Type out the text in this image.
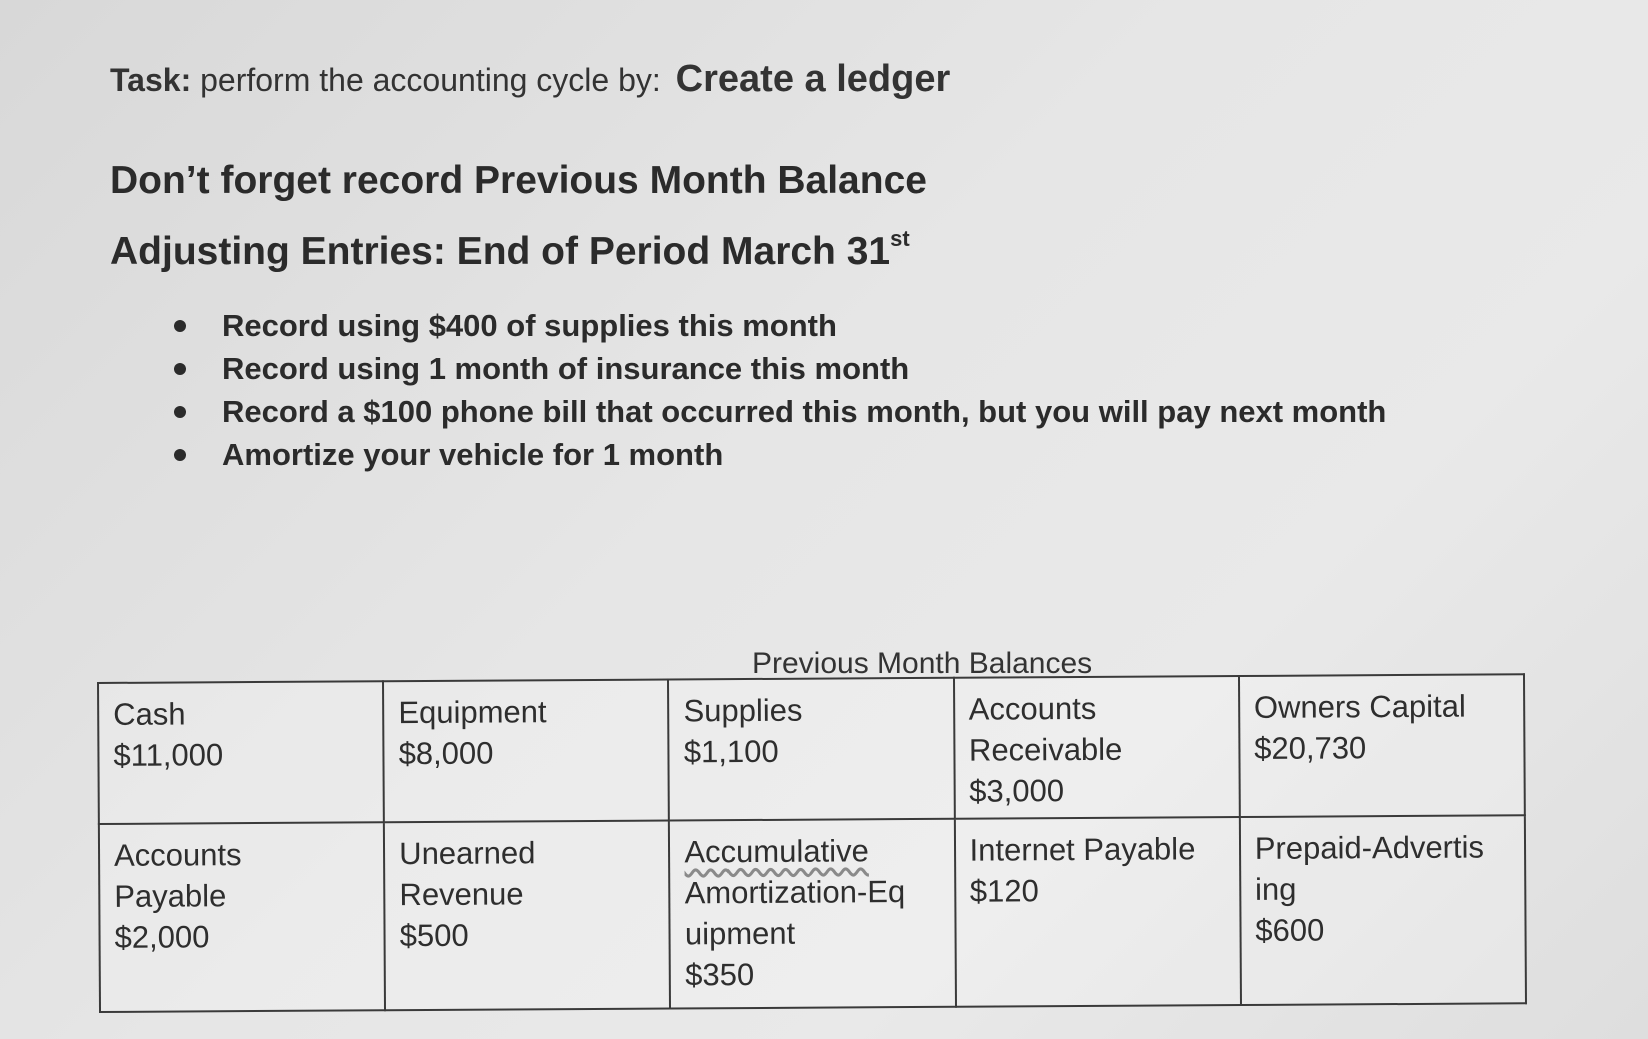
Task: perform the accounting cycle by: Create a ledger
Don’t forget record Previous Month Balance
Adjusting Entries: End of Period March 31st
Record using $400 of supplies this month
Record using 1 month of insurance this month
Record a $100 phone bill that occurred this month, but you will pay next month
Amortize your vehicle for 1 month
Previous Month Balances
Cash
$11,000	Equipment
$8,000	Supplies
$1,100	Accounts
Receivable
$3,000	Owners Capital
$20,730

Accounts
Payable
$2,000	Unearned
Revenue
$500	Accumulative
Amortization-Eq
uipment
$350	Internet Payable
$120	Prepaid-Advertis
ing
$600
